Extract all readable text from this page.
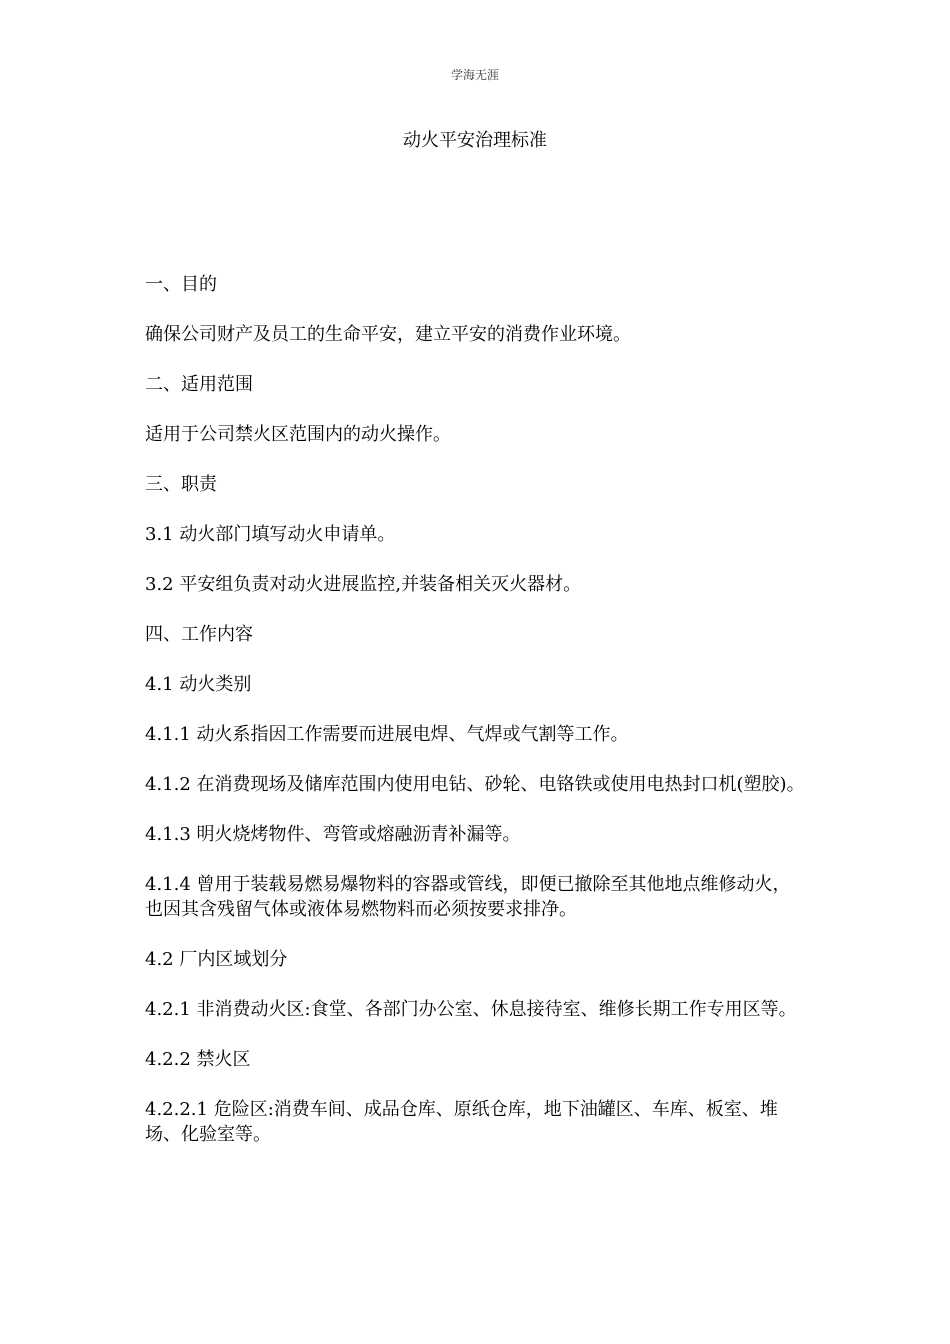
学海无涯
动火平安治理标准

一、目的

确保公司财产及员工的生命平安，建立平安的消费作业环境。

二、适用范围

适用于公司禁火区范围内的动火操作。

三、职责

3.1 动火部门填写动火申请单。

3.2 平安组负责对动火进展监控,并装备相关灭火器材。

四、工作内容

4.1 动火类别

4.1.1 动火系指因工作需要而进展电焊、气焊或气割等工作。

4.1.2 在消费现场及储库范围内使用电钻、砂轮、电铬铁或使用电热封口机(塑胶)。

4.1.3 明火烧烤物件、弯管或熔融沥青补漏等。

4.1.4 曾用于装载易燃易爆物料的容器或管线，即便已撤除至其他地点维修动火，也因其含残留气体或液体易燃物料而必须按要求排净。

4.2 厂内区域划分

4.2.1 非消费动火区:食堂、各部门办公室、休息接待室、维修长期工作专用区等。

4.2.2 禁火区

4.2.2.1 危险区:消费车间、成品仓库、原纸仓库，地下油罐区、车库、板室、堆场、化验室等。
